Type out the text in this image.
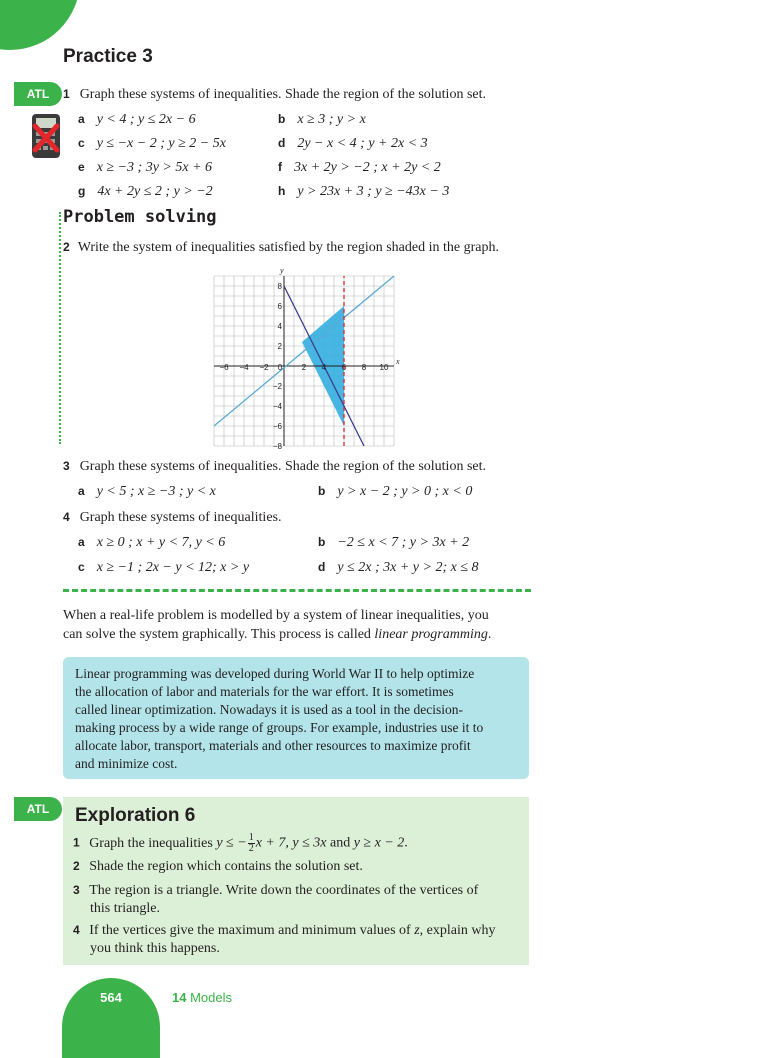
Practice 3
ATL	1 Graph these systems of inequalities. Shade the region of the solution set.
a y < 4 ; y ≤ 2x − 6	b x ≥ 3 ; y > x
c y ≤ −x − 2 ; y ≥ 2 − 5x	d 2y − x < 4 ; y + 2x < 3
e x ≥ −3 ; 3y > 5x + 6	f 3x + 2y > −2 ; x + 2y < 2
g 4x + 2y ≤ 2 ; y > −2	h y > 23x + 3 ; y ≥ −43x − 3
Problem solving
2 Write the system of inequalities satisfied by the region shaded in the graph.
−6 −4 −2 0 2 4 6 8 10
8
6
4
2
−2
−4
−6
−8
x
y
3 Graph these systems of inequalities. Shade the region of the solution set.
a y < 5 ; x ≥ −3 ; y < x	b y > x − 2 ; y > 0 ; x < 0
4 Graph these systems of inequalities.
a x ≥ 0 ; x + y < 7, y < 6	b −2 ≤ x < 7 ; y > 3x + 2
c x ≥ −1 ; 2x − y < 12; x > y	d y ≤ 2x ; 3x + y > 2; x ≤ 8
When a real-life problem is modelled by a system of linear inequalities, you
can solve the system graphically. This process is called linear programming.
Linear programming was developed during World War II to help optimize
the allocation of labor and materials for the war effort. It is sometimes
called linear optimization. Nowadays it is used as a tool in the decision-
making process by a wide range of groups. For example, industries use it to
allocate labor, transport, materials and other resources to maximize profit
and minimize cost.
ATL	Exploration 6
1 Graph the inequalities y ≤ − $\frac{1}{2}$ x + 7, y ≤ 3x and y ≥ x − 2.
2 Shade the region which contains the solution set.
3 The region is a triangle. Write down the coordinates of the vertices of
this triangle.
4 If the vertices give the maximum and minimum values of z, explain why
you think this happens.
564	14 Models
